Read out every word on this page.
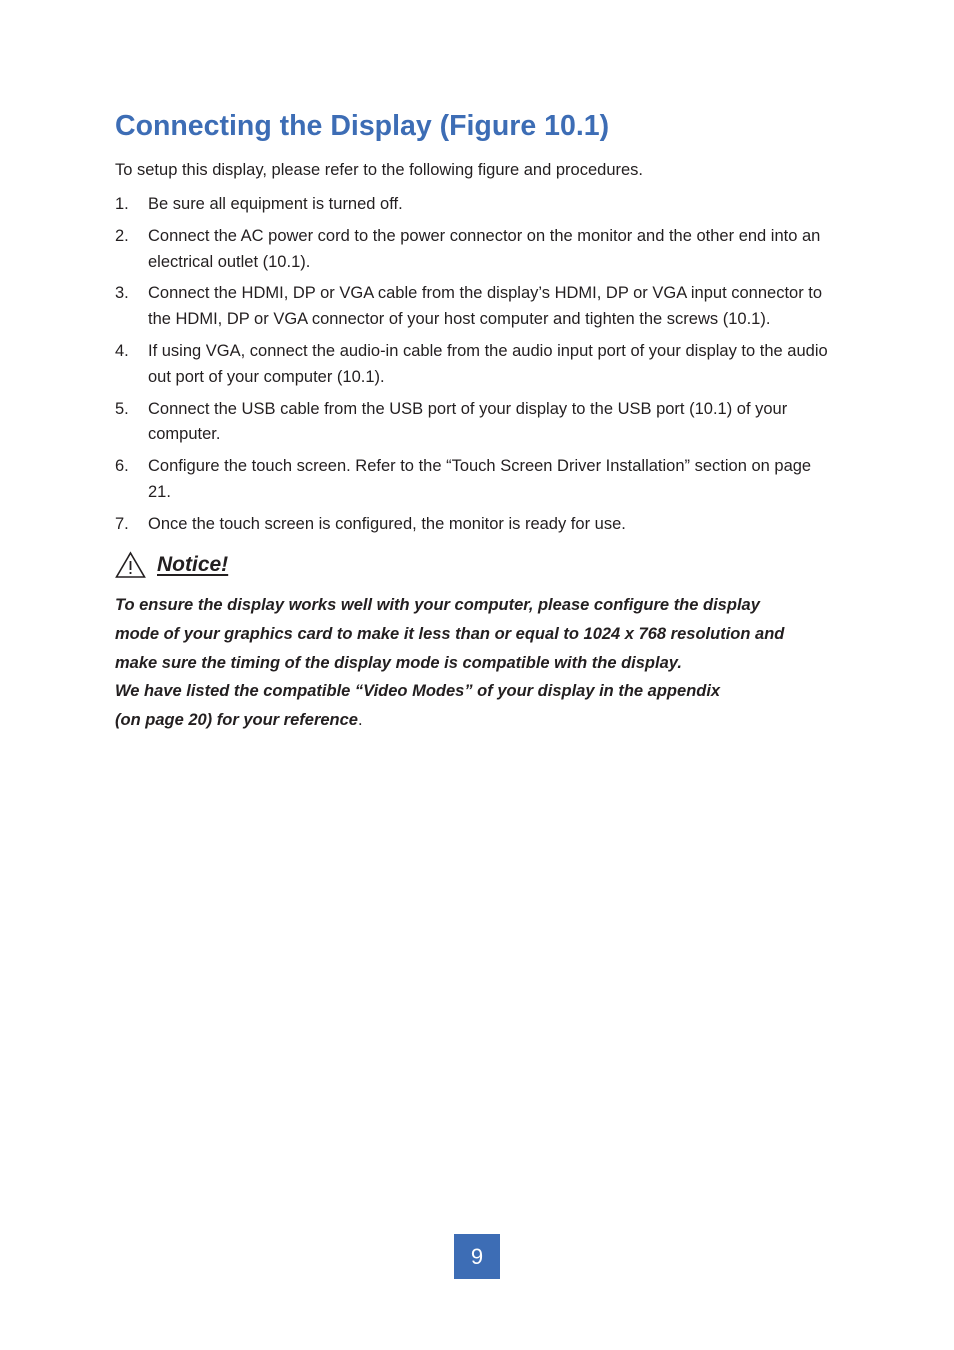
Connecting the Display (Figure 10.1)

To setup this display, please refer to the following figure and procedures.

1. Be sure all equipment is turned off.
2. Connect the AC power cord to the power connector on the monitor and the other end into an electrical outlet (10.1).
3. Connect the HDMI, DP or VGA cable from the display’s HDMI, DP or VGA input connector to the HDMI, DP or VGA connector of your host computer and tighten the screws (10.1).
4. If using VGA, connect the audio-in cable from the audio input port of your display to the audio out port of your computer (10.1).
5. Connect the USB cable from the USB port of your display to the USB port (10.1) of your computer.
6. Configure the touch screen. Refer to the “Touch Screen Driver Installation” section on page 21.
7. Once the touch screen is configured, the monitor is ready for use.
Notice!
To ensure the display works well with your computer, please configure the display
mode of your graphics card to make it less than or equal to 1024 x 768 resolution and
make sure the timing of the display mode is compatible with the display.
We have listed the compatible “Video Modes” of your display in the appendix
(on page 20) for your reference.
9
